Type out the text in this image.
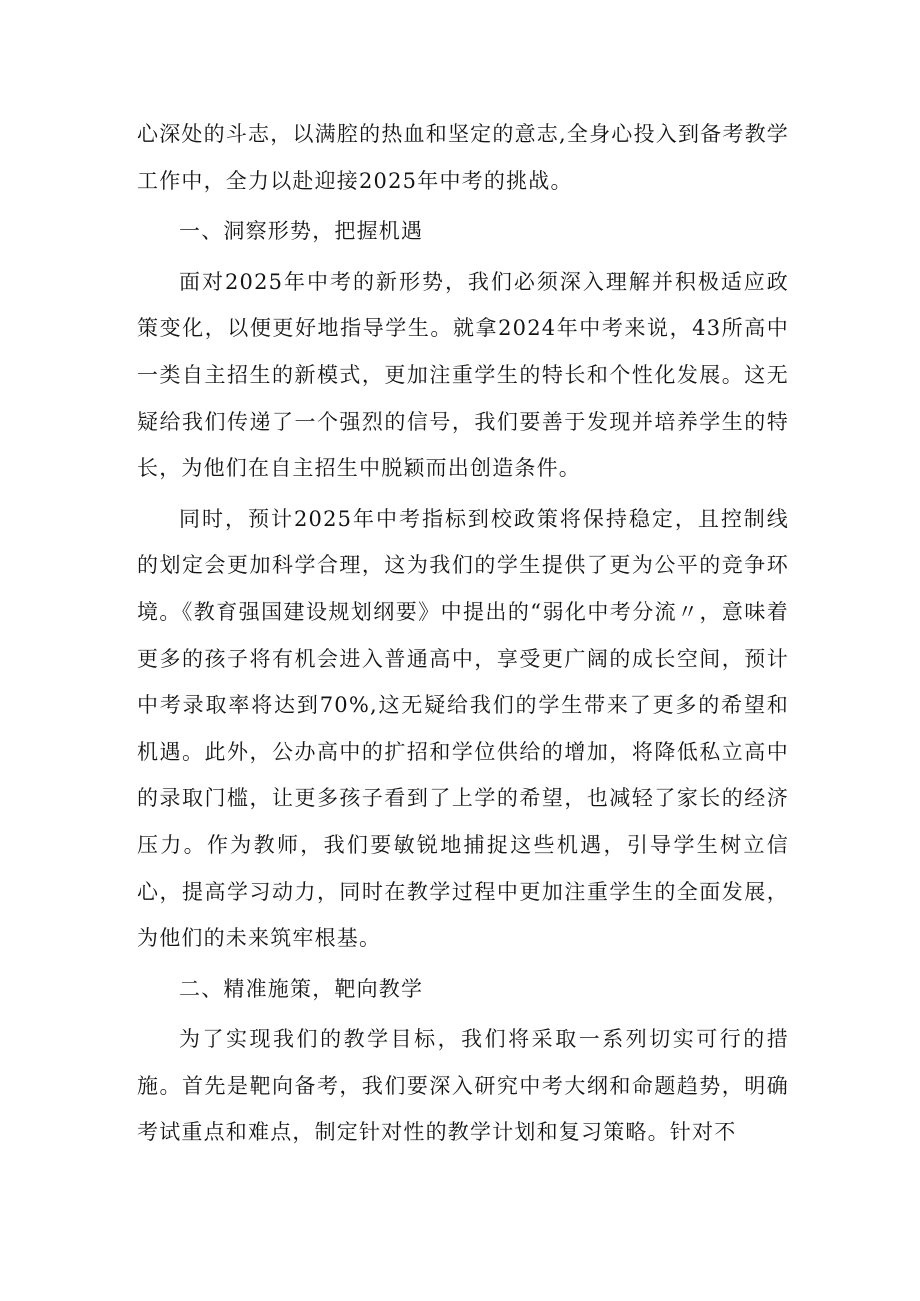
心深处的斗志，以满腔的热血和坚定的意志,全身心投入到备考教学工作中，全力以赴迎接2025年中考的挑战。

一、洞察形势，把握机遇

面对2025年中考的新形势，我们必须深入理解并积极适应政策变化，以便更好地指导学生。就拿2024年中考来说，43所高中一类自主招生的新模式，更加注重学生的特长和个性化发展。这无疑给我们传递了一个强烈的信号，我们要善于发现并培养学生的特长，为他们在自主招生中脱颖而出创造条件。

同时，预计2025年中考指标到校政策将保持稳定，且控制线的划定会更加科学合理，这为我们的学生提供了更为公平的竞争环境。《教育强国建设规划纲要》中提出的“弱化中考分流〃，意味着更多的孩子将有机会进入普通高中，享受更广阔的成长空间，预计中考录取率将达到70%,这无疑给我们的学生带来了更多的希望和机遇。此外，公办高中的扩招和学位供给的增加，将降低私立高中的录取门槛，让更多孩子看到了上学的希望，也减轻了家长的经济压力。作为教师，我们要敏锐地捕捉这些机遇，引导学生树立信心，提高学习动力，同时在教学过程中更加注重学生的全面发展，为他们的未来筑牢根基。

二、精准施策，靶向教学

为了实现我们的教学目标，我们将采取一系列切实可行的措施。首先是靶向备考，我们要深入研究中考大纲和命题趋势，明确考试重点和难点，制定针对性的教学计划和复习策略。针对不
